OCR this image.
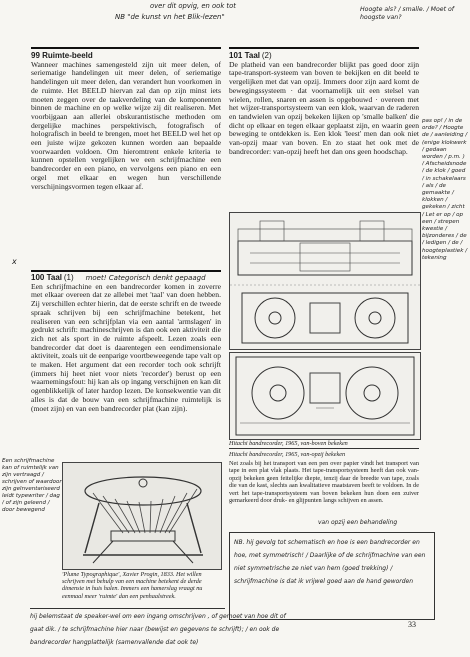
over dit opvig, en ook tot
NB "de kunst vn het Blik-lezen"
Hoogte als? / smalle. / Moet of hoogste van?
99 Ruimte-beeld

Wanneer machines samengesteld zijn uit meer delen, of seriematige handelingen uit meer delen, of seriematige handelingen uit meer delen, dan verandert hun voorkomen in de ruimte. Het BEELD hiervan zal dan op zijn minst iets moeten zeggen over de taakverdeling van de komponenten binnen de machine en op welke wijze zij dit realiseren. Met voorbijgaan aan allerlei obskurantistische methoden om dergelijke machines perspektivisch, fotografisch of holografisch in beeld te brengen, moet het BEELD wel het op een juiste wijze gekozen kunnen worden aan bepaalde voorwaarden voldoen. Om hieromtrent enkele kriteria te kunnen opstellen vergelijken we een schrijfmachine een bandrecorder en een piano, en vervolgens een piano en een orgel met elkaar en wegen hun verschillende verschijningsvormen tegen elkaar af.

x
100 Taal (1) moet! Categorisch denkt gepaagd

Een schrijfmachine en een bandrecorder komen in zoverre met elkaar overeen dat ze allebei met 'taal' van doen hebben. Zij verschillen echter hierin, dat de eerste schrift en de tweede spraak schrijven bij een schrijfmachine betekent, het realiseren van een schrijfplan via een aantal 'armslagen' in gedrukt schrift: machineschrijven is dan ook een aktiviteit die zich net als sport in de ruimte afspeelt. Lezen zoals een bandrecorder dat doet is daarentegen een eendimensionale aktiviteit, zoals uit de eenparige voortbeweegende tape valt op te maken. Het argument dat een recorder toch ook schrijft (immers hij heet niet voor niets 'recorder') berust op een waarnemingsfout: hij kan als op ingang verschijnen en kan dit ogenblikkelijk of later hardop lezen. De konsekwentie van dit alles is dat de bouw van een schrijfmachine ruimtelijk is (moet zijn) en van een bandrecorder plat (kan zijn).

Een schrijfmachine kan of ruimtelijk van zijn vertraagd / schrijven of waardoor zijn geïnventariseerd leidt typewriter / dag / of zijn geleend / door bewegend
'Plume Typographique', Xavier Progin, 1833. Het willen schrijven met behulp van een machine betekent de derde dimensie in huis halen. Immers een hamerslag vraagt nu eenmaal meer 'ruimte' dan een penhaalstreek.
hij belemstaat de speaker-wel om een ingang omschrijven , of gemoet van hoe dit of gaat dik. / te schrijfmachine hier naar (bewijst en gegevens te schrijft); / en ook de bandrecorder hangplattelijk (samenvallende dat ook te)
101 Taal (2)

De platheid van een bandrecorder blijkt pas goed door zijn tape-transport-systeem van boven te bekijken en dit beeld te vergelijken met dat van opzij. Immers door zijn aard komt de bewegingssysteem · dat voornamelijk uit een stelsel van wielen, rollen, snaren en assen is opgebouwd · overeen met het wijzer-transportsysteem van een klok, waarvan de raderen en tandwielen van opzij bekeken lijken op 'smalle balken' die dicht op elkaar en tegen elkaar geplaatst zijn, en waarin geen beweging te ontdekken is. Een klok 'leest' men dan ook niet van-opzij maar van boven. En zo staat het ook met de bandrecorder: van-opzij heeft het dan ons geen hoodschap.

pas op! / in de orde? / Hoogte de / aanleiding / (enige klokwerk / gedaan worden / p.m. ) / Afscheidsnode / de klok / goed / in schakelaars / als / de gemaakte / klokken / gekeken / zicht / Let er op / op een / strepen kwestie / bijzonderes / de / ledigen / de / hoogteplastiek / tekening
Hitachi bandrecorder, 1965, van-boven bekeken
Hitachi bandrecorder, 1965, van-opzij bekeken
Net zoals bij het transport van een pen over papier vindt het transport van tape in een plat vlak plaats. Het tape-transportsysteem heeft dan ook van-opzij bekeken geen feitelijke diepte, tenzij daar de breedte van tape, zoals die van de kast, slechts aan kwalitatieve maatstaven beeft te voldoen. In de vert het tape-transportsysteem van boven bekeken hun doen een zuiver gemarkeerd door druk- en glijpunten langs schijven en assen.
van opzij een behandeling
NB. hij gevolg tot schematisch en hoe is een bandrecorder en hoe, met symmetrisch! / Daarlijke of de schrijfmachine van een niet symmetrische ze niet van hem (goed trekking) / schrijfmachine is dat ik vrijwel goed aan de hand geworden
33
